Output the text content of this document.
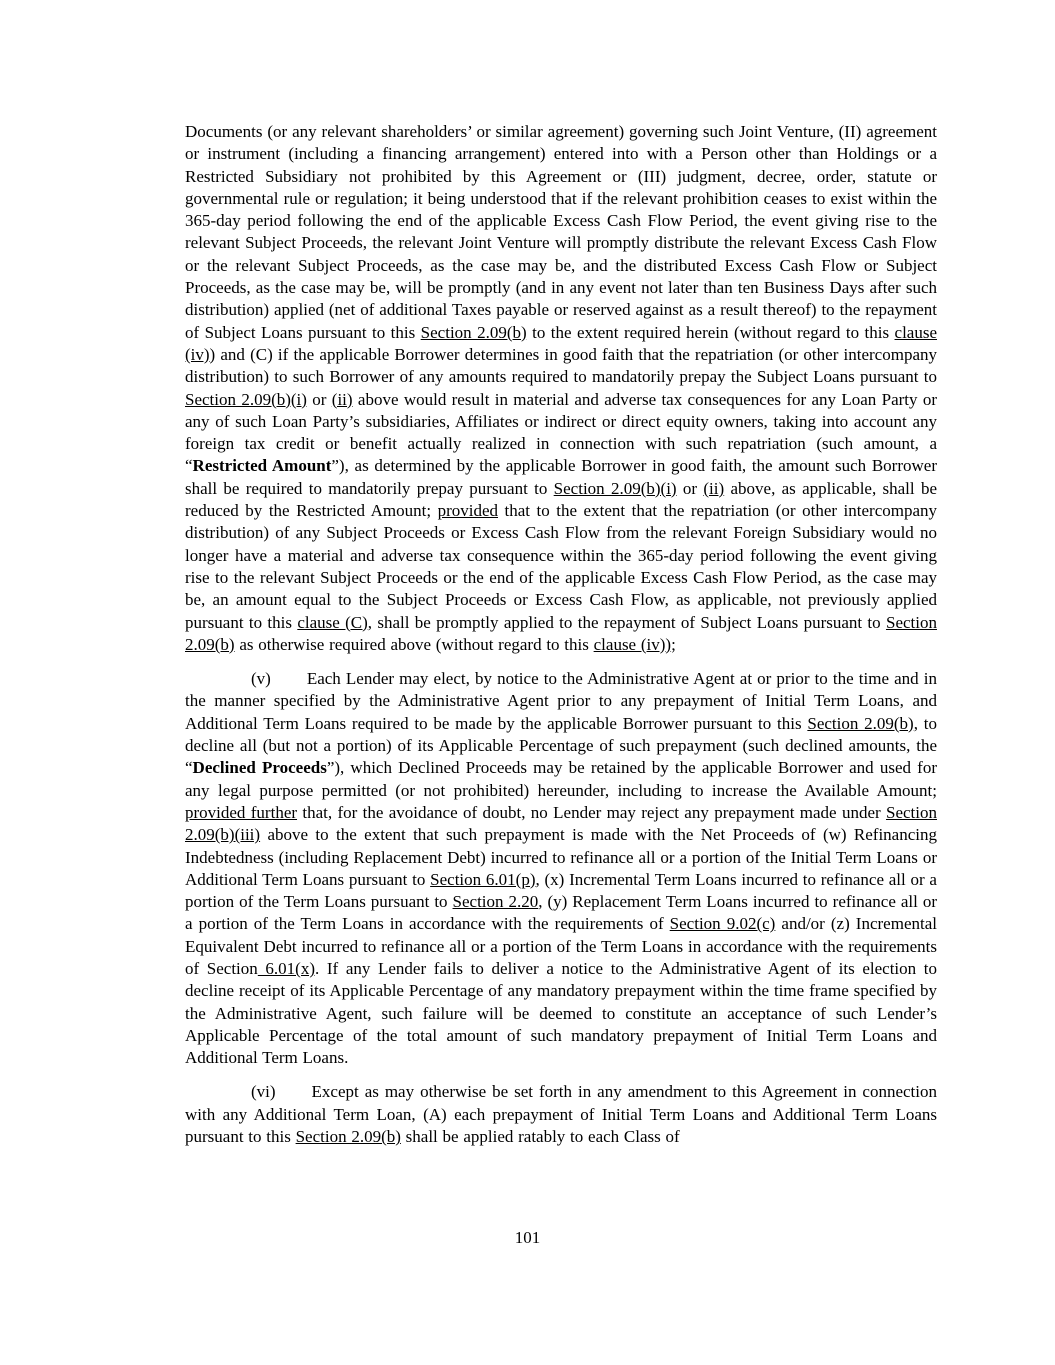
Documents (or any relevant shareholders’ or similar agreement) governing such Joint Venture, (II) agreement or instrument (including a financing arrangement) entered into with a Person other than Holdings or a Restricted Subsidiary not prohibited by this Agreement or (III) judgment, decree, order, statute or governmental rule or regulation; it being understood that if the relevant prohibition ceases to exist within the 365-day period following the end of the applicable Excess Cash Flow Period, the event giving rise to the relevant Subject Proceeds, the relevant Joint Venture will promptly distribute the relevant Excess Cash Flow or the relevant Subject Proceeds, as the case may be, and the distributed Excess Cash Flow or Subject Proceeds, as the case may be, will be promptly (and in any event not later than ten Business Days after such distribution) applied (net of additional Taxes payable or reserved against as a result thereof) to the repayment of Subject Loans pursuant to this Section 2.09(b) to the extent required herein (without regard to this clause (iv)) and (C) if the applicable Borrower determines in good faith that the repatriation (or other intercompany distribution) to such Borrower of any amounts required to mandatorily prepay the Subject Loans pursuant to Section 2.09(b)(i) or (ii) above would result in material and adverse tax consequences for any Loan Party or any of such Loan Party’s subsidiaries, Affiliates or indirect or direct equity owners, taking into account any foreign tax credit or benefit actually realized in connection with such repatriation (such amount, a “Restricted Amount”), as determined by the applicable Borrower in good faith, the amount such Borrower shall be required to mandatorily prepay pursuant to Section 2.09(b)(i) or (ii) above, as applicable, shall be reduced by the Restricted Amount; provided that to the extent that the repatriation (or other intercompany distribution) of any Subject Proceeds or Excess Cash Flow from the relevant Foreign Subsidiary would no longer have a material and adverse tax consequence within the 365-day period following the event giving rise to the relevant Subject Proceeds or the end of the applicable Excess Cash Flow Period, as the case may be, an amount equal to the Subject Proceeds or Excess Cash Flow, as applicable, not previously applied pursuant to this clause (C), shall be promptly applied to the repayment of Subject Loans pursuant to Section 2.09(b) as otherwise required above (without regard to this clause (iv));

(v) Each Lender may elect, by notice to the Administrative Agent at or prior to the time and in the manner specified by the Administrative Agent prior to any prepayment of Initial Term Loans, and Additional Term Loans required to be made by the applicable Borrower pursuant to this Section 2.09(b), to decline all (but not a portion) of its Applicable Percentage of such prepayment (such declined amounts, the “Declined Proceeds”), which Declined Proceeds may be retained by the applicable Borrower and used for any legal purpose permitted (or not prohibited) hereunder, including to increase the Available Amount; provided further that, for the avoidance of doubt, no Lender may reject any prepayment made under Section 2.09(b)(iii) above to the extent that such prepayment is made with the Net Proceeds of (w) Refinancing Indebtedness (including Replacement Debt) incurred to refinance all or a portion of the Initial Term Loans or Additional Term Loans pursuant to Section 6.01(p), (x) Incremental Term Loans incurred to refinance all or a portion of the Term Loans pursuant to Section 2.20, (y) Replacement Term Loans incurred to refinance all or a portion of the Term Loans in accordance with the requirements of Section 9.02(c) and/or (z) Incremental Equivalent Debt incurred to refinance all or a portion of the Term Loans in accordance with the requirements of Section 6.01(x). If any Lender fails to deliver a notice to the Administrative Agent of its election to decline receipt of its Applicable Percentage of any mandatory prepayment within the time frame specified by the Administrative Agent, such failure will be deemed to constitute an acceptance of such Lender’s Applicable Percentage of the total amount of such mandatory prepayment of Initial Term Loans and Additional Term Loans.

(vi) Except as may otherwise be set forth in any amendment to this Agreement in connection with any Additional Term Loan, (A) each prepayment of Initial Term Loans and Additional Term Loans pursuant to this Section 2.09(b) shall be applied ratably to each Class of

101
